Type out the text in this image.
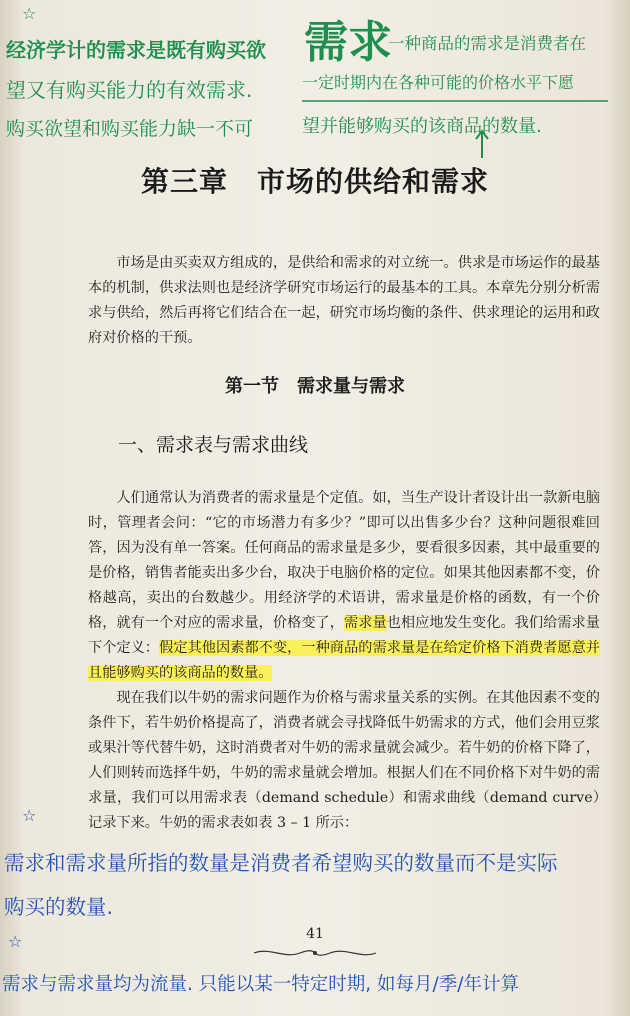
☆
经济学计的需求是既有购买欲
望又有购买能力的有效需求.
购买欲望和购买能力缺一不可
需求
一种商品的需求是消费者在
一定时期内在各种可能的价格水平下愿
望并能够购买的该商品的数量.
第三章　市场的供给和需求
市场是由买卖双方组成的，是供给和需求的对立统一。供求是市场运作的最基本的机制，供求法则也是经济学研究市场运行的最基本的工具。本章先分别分析需求与供给，然后再将它们结合在一起，研究市场均衡的条件、供求理论的运用和政府对价格的干预。
第一节　需求量与需求
一、需求表与需求曲线
人们通常认为消费者的需求量是个定值。如，当生产设计者设计出一款新电脑时，管理者会问：“它的市场潜力有多少？”即可以出售多少台？这种问题很难回答，因为没有单一答案。任何商品的需求量是多少，要看很多因素，其中最重要的是价格，销售者能卖出多少台，取决于电脑价格的定位。如果其他因素都不变，价格越高，卖出的台数越少。用经济学的术语讲，需求量是价格的函数，有一个价格，就有一个对应的需求量，价格变了，需求量也相应地发生变化。我们给需求量下个定义：假定其他因素都不变，一种商品的需求量是在给定价格下消费者愿意并且能够购买的该商品的数量。
现在我们以牛奶的需求问题作为价格与需求量关系的实例。在其他因素不变的条件下，若牛奶价格提高了，消费者就会寻找降低牛奶需求的方式，他们会用豆浆或果汁等代替牛奶，这时消费者对牛奶的需求量就会减少。若牛奶的价格下降了，人们则转而选择牛奶，牛奶的需求量就会增加。根据人们在不同价格下对牛奶的需求量，我们可以用需求表（demand schedule）和需求曲线（demand curve）记录下来。牛奶的需求表如表 3 – 1 所示：
☆
需求和需求量所指的数量是消费者希望购买的数量而不是实际
购买的数量.
☆
需求与需求量均为流量. 只能以某一特定时期, 如每月/季/年计算
41
